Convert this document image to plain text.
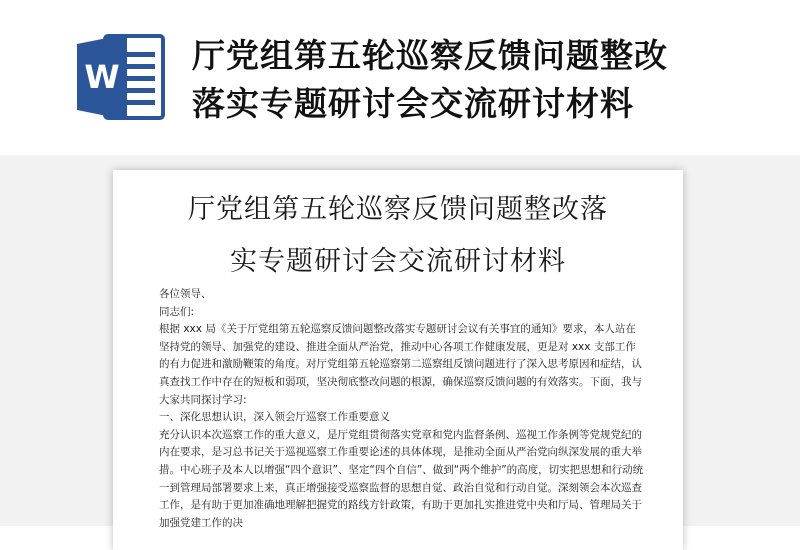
W
厅党组第五轮巡察反馈问题整改
落实专题研讨会交流研讨材料
厅党组第五轮巡察反馈问题整改落
实专题研讨会交流研讨材料

各位领导、

同志们:

根据 xxx 局《关于厅党组第五轮巡察反馈问题整改落实专题研讨会议有关事宜的通知》要求，本人站在坚持党的领导、加强党的建设、推进全面从严治党，推动中心各项工作健康发展，更是对 xxx 支部工作的有力促进和激励鞭策的角度。对厅党组第五轮巡察第二巡察组反馈问题进行了深入思考原因和症结，认真查找工作中存在的短板和弱项，坚决彻底整改问题的根源，确保巡察反馈问题的有效落实。下面，我与大家共同探讨学习:

一、深化思想认识，深入领会厅巡察工作重要意义

充分认识本次巡察工作的重大意义，是厅党组贯彻落实党章和党内监督条例、巡视工作条例等党规党纪的内在要求，是习总书记关于巡视巡察工作重要论述的具体体现，是推动全面从严治党向纵深发展的重大举措。中心班子及本人以增强“四个意识”、坚定“四个自信”、做到“两个维护”的高度，切实把思想和行动统一到管理局部署要求上来，真正增强接受巡察监督的思想自觉、政治自觉和行动自觉。深刻领会本次巡查工作，是有助于更加准确地理解把握党的路线方针政策，有助于更加扎实推进党中央和厅局、管理局关于加强党建工作的决
